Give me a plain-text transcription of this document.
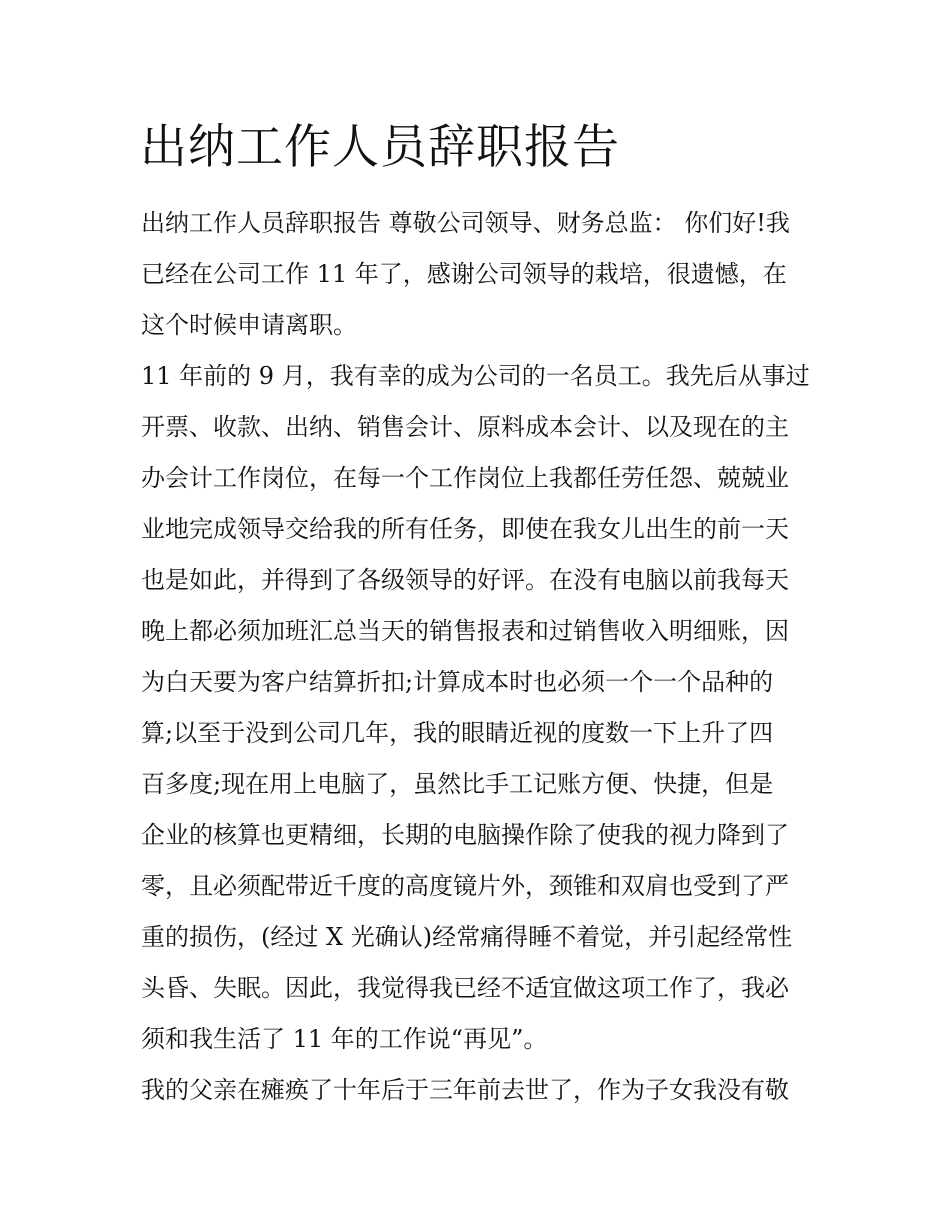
出纳工作人员辞职报告

出纳工作人员辞职报告 尊敬公司领导、财务总监： 你们好!我

已经在公司工作 11 年了，感谢公司领导的栽培，很遗憾，在

这个时候申请离职。

11 年前的 9 月，我有幸的成为公司的一名员工。我先后从事过

开票、收款、出纳、销售会计、原料成本会计、以及现在的主

办会计工作岗位，在每一个工作岗位上我都任劳任怨、兢兢业

业地完成领导交给我的所有任务，即使在我女儿出生的前一天

也是如此，并得到了各级领导的好评。在没有电脑以前我每天

晚上都必须加班汇总当天的销售报表和过销售收入明细账，因

为白天要为客户结算折扣;计算成本时也必须一个一个品种的

算;以至于没到公司几年，我的眼睛近视的度数一下上升了四

百多度;现在用上电脑了，虽然比手工记账方便、快捷，但是

企业的核算也更精细，长期的电脑操作除了使我的视力降到了

零，且必须配带近千度的高度镜片外，颈锥和双肩也受到了严

重的损伤，(经过 X 光确认)经常痛得睡不着觉，并引起经常性

头昏、失眠。因此，我觉得我已经不适宜做这项工作了，我必

须和我生活了 11 年的工作说“再见”。

我的父亲在瘫痪了十年后于三年前去世了，作为子女我没有敬
